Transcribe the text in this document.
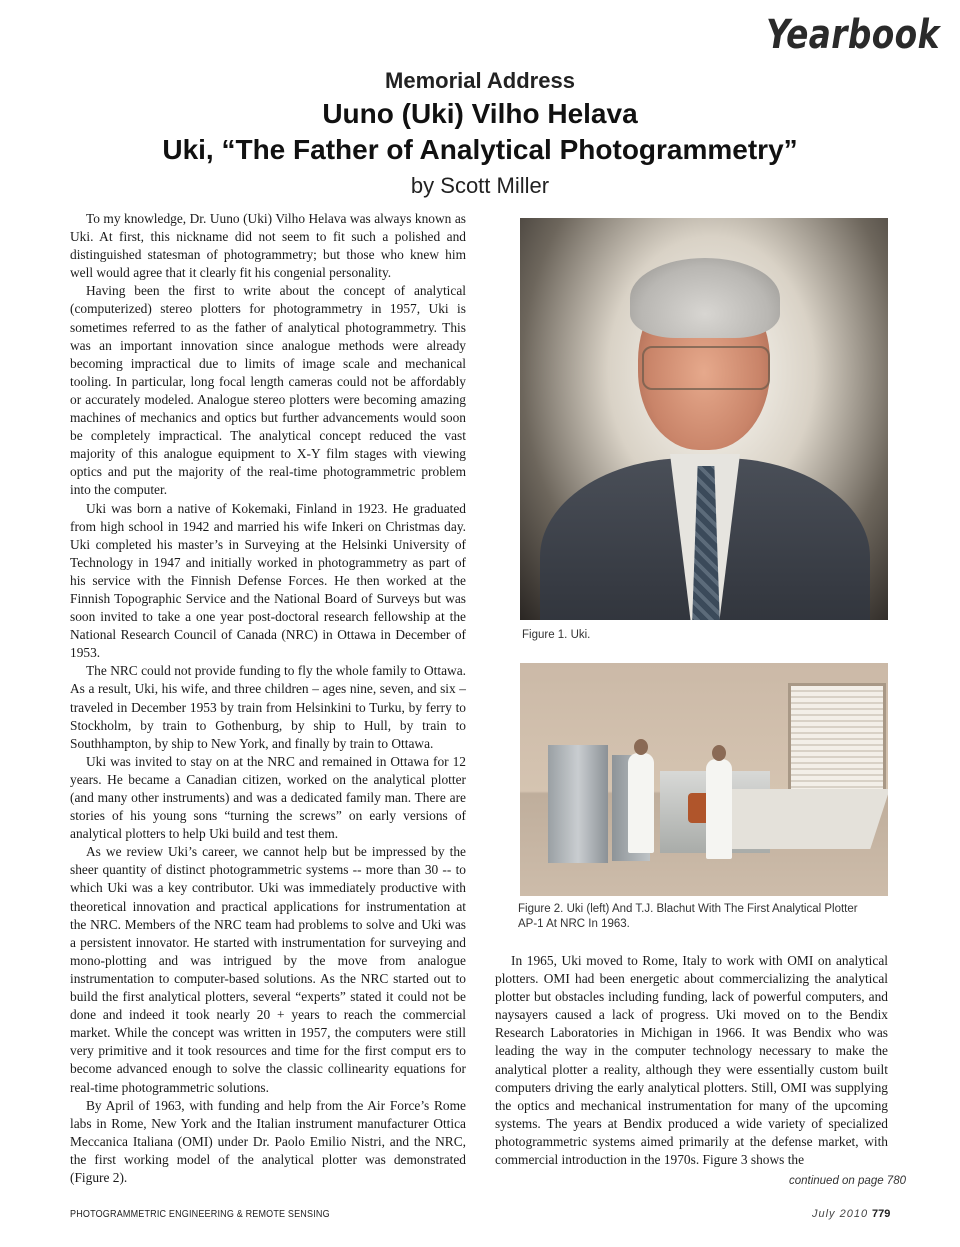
Yearbook

Memorial Address

Uuno (Uki) Vilho Helava

Uki, “The Father of Analytical Photogrammetry”

by Scott Miller

To my knowledge, Dr. Uuno (Uki) Vilho Helava was always known as Uki. At first, this nickname did not seem to fit such a polished and distinguished statesman of photogrammetry; but those who knew him well would agree that it clearly fit his congenial personality.

Having been the first to write about the concept of analytical (computerized) stereo plotters for photogrammetry in 1957, Uki is sometimes referred to as the father of analytical photogrammetry. This was an important innovation since analogue methods were already becoming impractical due to limits of image scale and mechanical tooling. In particular, long focal length cameras could not be affordably or accurately modeled. Analogue stereo plotters were becoming amazing machines of mechanics and optics but further advancements would soon be completely impractical. The analytical concept reduced the vast majority of this analogue equipment to X-Y film stages with viewing optics and put the majority of the real-time photogrammetric problem into the computer.

Uki was born a native of Kokemaki, Finland in 1923. He graduated from high school in 1942 and married his wife Inkeri on Christmas day. Uki completed his master’s in Surveying at the Helsinki University of Technology in 1947 and initially worked in photogrammetry as part of his service with the Finnish Defense Forces. He then worked at the Finnish Topographic Service and the National Board of Surveys but was soon invited to take a one year post-doctoral research fellowship at the National Research Council of Canada (NRC) in Ottawa in December of 1953.

The NRC could not provide funding to fly the whole family to Ottawa. As a result, Uki, his wife, and three children – ages nine, seven, and six – traveled in December 1953 by train from Helsinkini to Turku, by ferry to Stockholm, by train to Gothenburg, by ship to Hull, by train to Southhampton, by ship to New York, and finally by train to Ottawa.

Uki was invited to stay on at the NRC and remained in Ottawa for 12 years. He became a Canadian citizen, worked on the analytical plotter (and many other instruments) and was a dedicated family man. There are stories of his young sons “turning the screws” on early versions of analytical plotters to help Uki build and test them.

As we review Uki’s career, we cannot help but be impressed by the sheer quantity of distinct photogrammetric systems -- more than 30 -- to which Uki was a key contributor. Uki was immediately productive with theoretical innovation and practical applications for instrumentation at the NRC. Members of the NRC team had problems to solve and Uki was a persistent innovator. He started with instrumentation for surveying and mono-plotting and was intrigued by the move from analogue instrumentation to computer-based solutions. As the NRC started out to build the first analytical plotters, several “experts” stated it could not be done and indeed it took nearly 20 + years to reach the commercial market. While the concept was written in 1957, the computers were still very primitive and it took resources and time for the first comput ers to become advanced enough to solve the classic collinearity equations for real-time photogrammetric solutions.

By April of 1963, with funding and help from the Air Force’s Rome labs in Rome, New York and the Italian instrument manufacturer Ottica Meccanica Italiana (OMI) under Dr. Paolo Emilio Nistri, and the NRC, the first working model of the analytical plotter was demonstrated (Figure 2).

Figure 1. Uki.
Figure 2. Uki (left) And T.J. Blachut With The First Analytical Plotter AP-1 At NRC In 1963.

In 1965, Uki moved to Rome, Italy to work with OMI on analytical plotters. OMI had been energetic about commercializing the analytical plotter but obstacles including funding, lack of powerful computers, and naysayers caused a lack of progress. Uki moved on to the Bendix Research Laboratories in Michigan in 1966. It was Bendix who was leading the way in the computer technology necessary to make the analytical plotter a reality, although they were essentially custom built computers driving the early analytical plotters. Still, OMI was supplying the optics and mechanical instrumentation for many of the upcoming systems. The years at Bendix produced a wide variety of specialized photogrammetric systems aimed primarily at the defense market, with commercial introduction in the 1970s. Figure 3 shows the

continued on page 780
PHOTOGRAMMETRIC ENGINEERING & REMOTE SENSING	July 2010 779
